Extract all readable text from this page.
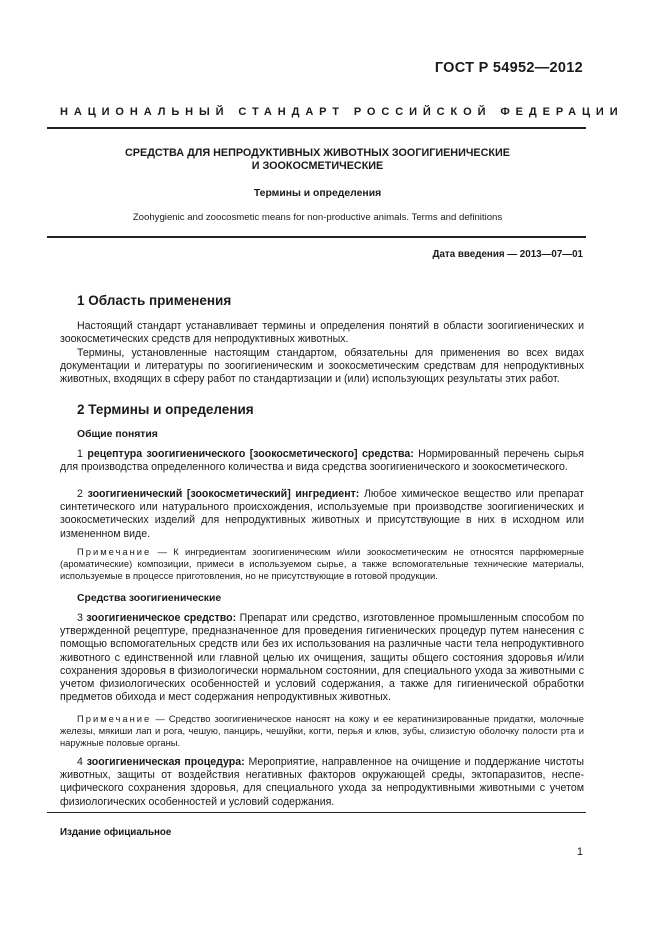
ГОСТ Р 54952—2012
НАЦИОНАЛЬНЫЙ СТАНДАРТ РОССИЙСКОЙ ФЕДЕРАЦИИ
СРЕДСТВА ДЛЯ НЕПРОДУКТИВНЫХ ЖИВОТНЫХ ЗООГИГИЕНИЧЕСКИЕ
И ЗООКОСМЕТИЧЕСКИЕ
Термины и определения
Zoohygienic and zoocosmetic means for non-productive animals. Terms and definitions
Дата введения — 2013—07—01
1 Область применения
Настоящий стандарт устанавливает термины и определения понятий в области зоогигиенических и зоокосметических средств для непродуктивных животных.
Термины, установленные настоящим стандартом, обязательны для применения во всех видах документации и литературы по зоогигиеническим и зоокосметическим средствам для непродуктивных животных, входящих в сферу работ по стандартизации и (или) использующих результаты этих работ.
2 Термины и определения
Общие понятия
1 рецептура зоогигиенического [зоокосметического] средства: Нормированный перечень сырья для производства определенного количества и вида средства зоогигиенического и зоокосметического.
2 зоогигиенический [зоокосметический] ингредиент: Любое химическое вещество или препарат синтетического или натурального происхождения, используемые при производстве зоогигиенических и зоокосметических изделий для непродуктивных животных и присутствующие в них в исходном или измененном виде.
Примечание — К ингредиентам зоогигиеническим и/или зоокосметическим не относятся парфюмерные (ароматические) композиции, примеси в используемом сырье, а также вспомогательные технические материалы, используемые в процессе приготовления, но не присутствующие в готовой продукции.
Средства зоогигиенические
3 зоогигиеническое средство: Препарат или средство, изготовленное промышленным способом по утвержденной рецептуре, предназначенное для проведения гигиенических процедур путем нанесения с помощью вспомогательных средств или без их использования на различные части тела непродуктивного животного с единственной или главной целью их очищения, защиты общего состояния здоровья и/или сохранения здоровья в физиологически нормальном состоянии, для специального ухода за животными с учетом физиологических особенностей и условий содержания, а также для гигиенической обработки предметов обихода и мест содержания непродуктивных животных.
Примечание — Средство зоогигиеническое наносят на кожу и ее кератинизированные придатки, молочные железы, мякиши лап и рога, чешую, панцирь, чешуйки, когти, перья и клюв, зубы, слизистую оболочку полости рта и наружные половые органы.
4 зоогигиеническая процедура: Мероприятие, направленное на очищение и поддержание чистоты животных, защиты от воздействия негативных факторов окружающей среды, эктопаразитов, неспе-цифического сохранения здоровья, для специального ухода за непродуктивными животными с учетом физиологических особенностей и условий содержания.
Издание официальное
1
